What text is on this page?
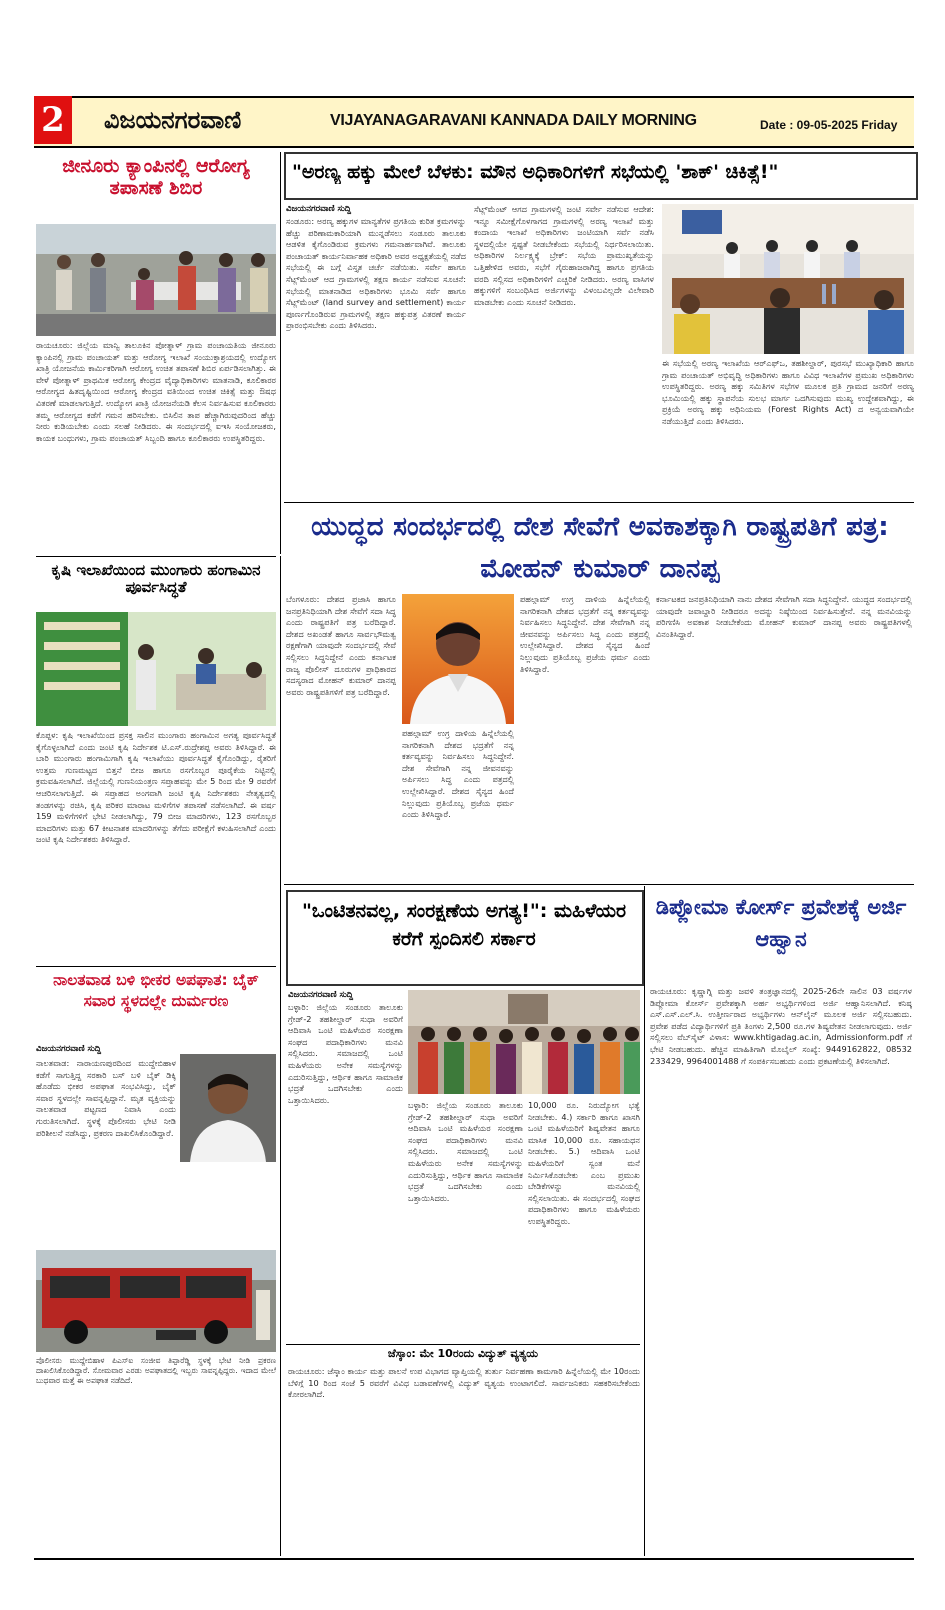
2 ವಿಜಯನಗರವಾಣಿ	VIJAYANAGARAVANI KANNADA DAILY MORNING	Date : 09-05-2025 Friday
ಜೀನೂರು ಕ್ಯಾಂಪಿನಲ್ಲಿ ಆರೋಗ್ಯ ತಪಾಸಣೆ ಶಿಬಿರ
ರಾಯಚೂರು: ಜಿಲ್ಲೆಯ ಮಾನ್ವಿ ತಾಲೂಕಿನ ಪೋತ್ನಾಳ್ ಗ್ರಾಮ ಪಂಚಾಯತಿಯ ಜೀನೂರು ಕ್ಯಾಂಪಿನಲ್ಲಿ ಗ್ರಾಮ ಪಂಚಾಯತ್ ಮತ್ತು ಆರೋಗ್ಯ ಇಲಾಖೆ ಸಂಯುಕ್ತಾಶ್ರಯದಲ್ಲಿ ಉದ್ಯೋಗ ಖಾತ್ರಿ ಯೋಜನೆಯ ಕಾರ್ಮಿಕರಿಗಾಗಿ ಆರೋಗ್ಯ ಉಚಿತ ತಪಾಸಣೆ ಶಿಬಿರ ಏರ್ಪಡಿಸಲಾಗಿತ್ತು. ಈ ವೇಳೆ ಪೋತ್ನಾಳ್ ಪ್ರಾಥಮಿಕ ಆರೋಗ್ಯ ಕೇಂದ್ರದ ವೈದ್ಯಾಧಿಕಾರಿಗಳು ಮಾತನಾಡಿ, ಕೂಲಿಕಾರರ ಆರೋಗ್ಯದ ಹಿತದೃಷ್ಟಿಯಿಂದ ಆರೋಗ್ಯ ಕೇಂದ್ರದ ವತಿಯಿಂದ ಉಚಿತ ಚಿಕಿತ್ಸೆ ಮತ್ತು ಔಷಧ ವಿತರಣೆ ಮಾಡಲಾಗುತ್ತಿದೆ. ಉದ್ಯೋಗ ಖಾತ್ರಿ ಯೋಜನೆಯಡಿ ಕೆಲಸ ನಿರ್ವಹಿಸುವ ಕೂಲಿಕಾರರು ತಮ್ಮ ಆರೋಗ್ಯದ ಕಡೆಗೆ ಗಮನ ಹರಿಸಬೇಕು. ಬಿಸಿಲಿನ ತಾಪ ಹೆಚ್ಚಾಗಿರುವುದರಿಂದ ಹೆಚ್ಚು ನೀರು ಕುಡಿಯಬೇಕು ಎಂದು ಸಲಹೆ ನೀಡಿದರು. ಈ ಸಂದರ್ಭದಲ್ಲಿ ಐಇಸಿ ಸಂಯೋಜಕರು, ಕಾಯಕ ಬಂಧುಗಳು, ಗ್ರಾಮ ಪಂಚಾಯತ್ ಸಿಬ್ಬಂದಿ ಹಾಗೂ ಕೂಲಿಕಾರರು ಉಪಸ್ಥಿತರಿದ್ದರು.
ಕೃಷಿ ಇಲಾಖೆಯಿಂದ ಮುಂಗಾರು ಹಂಗಾಮಿನ ಪೂರ್ವಸಿದ್ಧತೆ
ಕೊಪ್ಪಳ: ಕೃಷಿ ಇಲಾಖೆಯಿಂದ ಪ್ರಸಕ್ತ ಸಾಲಿನ ಮುಂಗಾರು ಹಂಗಾಮಿನ ಅಗತ್ಯ ಪೂರ್ವಸಿದ್ಧತೆ ಕೈಗೊಳ್ಳಲಾಗಿದೆ ಎಂದು ಜಂಟಿ ಕೃಷಿ ನಿರ್ದೇಶಕ ಟಿ.ಎಸ್.ರುದ್ರೇಶಪ್ಪ ಅವರು ತಿಳಿಸಿದ್ದಾರೆ. ಈ ಬಾರಿ ಮುಂಗಾರು ಹಂಗಾಮಿಗಾಗಿ ಕೃಷಿ ಇಲಾಖೆಯು ಪೂರ್ವಸಿದ್ಧತೆ ಕೈಗೊಂಡಿದ್ದು, ರೈತರಿಗೆ ಉತ್ತಮ ಗುಣಮಟ್ಟದ ಬಿತ್ತನೆ ಬೀಜ ಹಾಗೂ ರಸಗೊಬ್ಬರ ಪೂರೈಕೆಯ ನಿಟ್ಟಿನಲ್ಲಿ ಕ್ರಮವಹಿಸಲಾಗಿದೆ. ಜಿಲ್ಲೆಯಲ್ಲಿ ಗುಣನಿಯಂತ್ರಣ ಸಪ್ತಾಹವನ್ನು ಮೇ 5 ರಿಂದ ಮೇ 9 ರವರೆಗೆ ಆಚರಿಸಲಾಗುತ್ತಿದೆ. ಈ ಸಪ್ತಾಹದ ಅಂಗವಾಗಿ ಜಂಟಿ ಕೃಷಿ ನಿರ್ದೇಶಕರು ನೇತೃತ್ವದಲ್ಲಿ ತಂಡಗಳನ್ನು ರಚಿಸಿ, ಕೃಷಿ ಪರಿಕರ ಮಾರಾಟ ಮಳಿಗೆಗಳ ತಪಾಸಣೆ ನಡೆಸಲಾಗಿದೆ. ಈ ವರ್ಷ 159 ಮಳಿಗೆಗಳಿಗೆ ಭೇಟಿ ನೀಡಲಾಗಿದ್ದು, 79 ಬೀಜ ಮಾದರಿಗಳು, 123 ರಸಗೊಬ್ಬರ ಮಾದರಿಗಳು ಮತ್ತು 67 ಕೀಟನಾಶಕ ಮಾದರಿಗಳನ್ನು ತೆಗೆದು ಪರೀಕ್ಷೆಗೆ ಕಳುಹಿಸಲಾಗಿದೆ ಎಂದು ಜಂಟಿ ಕೃಷಿ ನಿರ್ದೇಶಕರು ತಿಳಿಸಿದ್ದಾರೆ.
ನಾಲತವಾಡ ಬಳಿ ಭೀಕರ ಅಪಘಾತ: ಬೈಕ್ ಸವಾರ ಸ್ಥಳದಲ್ಲೇ ದುರ್ಮರಣ
ವಿಜಯನಗರವಾಣಿ ಸುದ್ದಿ
ನಾಲತವಾಡ: ನಾರಾಯಣಪುರದಿಂದ ಮುದ್ದೇಬಿಹಾಳ ಕಡೆಗೆ ಸಾಗುತ್ತಿದ್ದ ಸರಕಾರಿ ಬಸ್ ಬಳಿ ಬೈಕ್ ಡಿಕ್ಕಿ ಹೊಡೆದು ಭೀಕರ ಅಪಘಾತ ಸಂಭವಿಸಿದ್ದು, ಬೈಕ್ ಸವಾರ ಸ್ಥಳದಲ್ಲೇ ಸಾವನ್ನಪ್ಪಿದ್ದಾನೆ. ಮೃತ ವ್ಯಕ್ತಿಯನ್ನು ನಾಲತವಾಡ ಪಟ್ಟಣದ ನಿವಾಸಿ ಎಂದು ಗುರುತಿಸಲಾಗಿದೆ. ಸ್ಥಳಕ್ಕೆ ಪೊಲೀಸರು ಭೇಟಿ ನೀಡಿ ಪರಿಶೀಲನೆ ನಡೆಸಿದ್ದು, ಪ್ರಕರಣ ದಾಖಲಿಸಿಕೊಂಡಿದ್ದಾರೆ.
ಪೊಲೀಸರು ಮುದ್ದೇಬಿಹಾಳ ಪಿಎಸ್ಐ ಸಂಜೀವ ತಿಪ್ಪಾರೆಡ್ಡಿ ಸ್ಥಳಕ್ಕೆ ಭೇಟಿ ನೀಡಿ ಪ್ರಕರಣ ದಾಖಲಿಸಿಕೊಂಡಿದ್ದಾರೆ. ಸೋಮವಾರ ಎರಡು ಅಪಘಾತದಲ್ಲಿ ಇಬ್ಬರು ಸಾವನ್ನಪ್ಪಿದ್ದರು. ಇದಾದ ಮೇಲೆ ಬುಧವಾರ ಮತ್ತೆ ಈ ಅಪಘಾತ ನಡೆದಿದೆ.
"ಅರಣ್ಯ ಹಕ್ಕು ಮೇಲೆ ಬೆಳಕು: ಮೌನ ಅಧಿಕಾರಿಗಳಿಗೆ ಸಭೆಯಲ್ಲಿ 'ಶಾಕ್' ಚಿಕಿತ್ಸೆ!"
ವಿಜಯನಗರವಾಣಿ ಸುದ್ದಿ
ಸಂಡೂರು: ಅರಣ್ಯ ಹಕ್ಕುಗಳ ಮಾನ್ಯತೆಗಳ ಪ್ರಗತಿಯ ಕುರಿತ ಕ್ರಮಗಳನ್ನು ಹೆಚ್ಚು ಪರಿಣಾಮಕಾರಿಯಾಗಿ ಮುನ್ನಡೆಸಲು ಸಂಡೂರು ತಾಲೂಕು ಆಡಳಿತ ಕೈಗೊಂಡಿರುವ ಕ್ರಮಗಳು ಗಮನಾರ್ಹವಾಗಿವೆ. ತಾಲೂಕು ಪಂಚಾಯತ್ ಕಾರ್ಯನಿರ್ವಾಹಕ ಅಧಿಕಾರಿ ಅವರ ಅಧ್ಯಕ್ಷತೆಯಲ್ಲಿ ನಡೆದ ಸಭೆಯಲ್ಲಿ ಈ ಬಗ್ಗೆ ವಿಸ್ತೃತ ಚರ್ಚೆ ನಡೆಯಿತು. ಸರ್ವೇ ಹಾಗೂ ಸೆಟ್ಲ್‌ಮೆಂಟ್ ಆದ ಗ್ರಾಮಗಳಲ್ಲಿ ತಕ್ಷಣ ಕಾರ್ಯ ನಡೆಸುವ ಸೂಚನೆ: ಸಭೆಯಲ್ಲಿ ಮಾತನಾಡಿದ ಅಧಿಕಾರಿಗಳು ಭೂಮಿ ಸರ್ವೆ ಹಾಗೂ ಸೆಟ್ಲ್‌ಮೆಂಟ್ (land survey and settlement) ಕಾರ್ಯ ಪೂರ್ಣಗೊಂಡಿರುವ ಗ್ರಾಮಗಳಲ್ಲಿ ತಕ್ಷಣ ಹಕ್ಕುಪತ್ರ ವಿತರಣೆ ಕಾರ್ಯ ಪ್ರಾರಂಭಿಸಬೇಕು ಎಂದು ತಿಳಿಸಿದರು.
ಸೆಟ್ಲ್‌ಮೆಂಟ್ ಆಗದ ಗ್ರಾಮಗಳಲ್ಲಿ ಜಂಟಿ ಸರ್ವೇ ನಡೆಸುವ ಆದೇಶ: ಇನ್ನೂ ಸಮೀಕ್ಷೆಗೊಳಗಾಗದ ಗ್ರಾಮಗಳಲ್ಲಿ ಅರಣ್ಯ ಇಲಾಖೆ ಮತ್ತು ಕಂದಾಯ ಇಲಾಖೆ ಅಧಿಕಾರಿಗಳು ಜಂಟಿಯಾಗಿ ಸರ್ವೆ ನಡೆಸಿ ಸ್ಥಳದಲ್ಲಿಯೇ ಸ್ಪಷ್ಟತೆ ನೀಡಬೇಕೆಂದು ಸಭೆಯಲ್ಲಿ ನಿರ್ಧರಿಸಲಾಯಿತು. ಅಧಿಕಾರಿಗಳ ನಿರ್ಲಕ್ಷ್ಯಕ್ಕೆ ಬ್ರೇಕ್: ಸಭೆಯ ಪ್ರಾಮುಖ್ಯತೆಯನ್ನು ಒತ್ತಿಹೇಳಿದ ಅವರು, ಸಭೆಗೆ ಗೈರುಹಾಜರಾಗಿದ್ದ ಹಾಗೂ ಪ್ರಗತಿಯ ವರದಿ ಸಲ್ಲಿಸದ ಅಧಿಕಾರಿಗಳಿಗೆ ಎಚ್ಚರಿಕೆ ನೀಡಿದರು. ಅರಣ್ಯ ವಾಸಿಗಳ ಹಕ್ಕುಗಳಿಗೆ ಸಂಬಂಧಿಸಿದ ಅರ್ಜಿಗಳನ್ನು ವಿಳಂಬವಿಲ್ಲದೇ ವಿಲೇವಾರಿ ಮಾಡಬೇಕು ಎಂದು ಸೂಚನೆ ನೀಡಿದರು.
ಈ ಸಭೆಯಲ್ಲಿ ಅರಣ್ಯ ಇಲಾಖೆಯ ಆರ್‌ಎಫ್‌ಒ, ತಹಶೀಲ್ದಾರ್, ಪುರಸಭೆ ಮುಖ್ಯಾಧಿಕಾರಿ ಹಾಗೂ ಗ್ರಾಮ ಪಂಚಾಯತ್ ಅಭಿವೃದ್ಧಿ ಅಧಿಕಾರಿಗಳು ಹಾಗೂ ವಿವಿಧ ಇಲಾಖೆಗಳ ಪ್ರಮುಖ ಅಧಿಕಾರಿಗಳು ಉಪಸ್ಥಿತರಿದ್ದರು. ಅರಣ್ಯ ಹಕ್ಕು ಸಮಿತಿಗಳ ಸಭೆಗಳ ಮೂಲಕ ಪ್ರತಿ ಗ್ರಾಮದ ಜನರಿಗೆ ಅರಣ್ಯ ಭೂಮಿಯಲ್ಲಿ ಹಕ್ಕು ಸ್ಥಾಪನೆಯ ಸುಲಭ ಮಾರ್ಗ ಒದಗಿಸುವುದು ಮುಖ್ಯ ಉದ್ದೇಶವಾಗಿದ್ದು, ಈ ಪ್ರಕ್ರಿಯೆ ಅರಣ್ಯ ಹಕ್ಕು ಅಧಿನಿಯಮ (Forest Rights Act) ದ ಅನ್ವಯವಾಗಿಯೇ ನಡೆಯುತ್ತಿದೆ ಎಂದು ತಿಳಿಸಿದರು.
ಯುದ್ಧದ ಸಂದರ್ಭದಲ್ಲಿ ದೇಶ ಸೇವೆಗೆ ಅವಕಾಶಕ್ಕಾಗಿ ರಾಷ್ಟ್ರಪತಿಗೆ ಪತ್ರ: ಮೋಹನ್ ಕುಮಾರ್ ದಾನಪ್ಪ
ಬೆಂಗಳೂರು: ದೇಶದ ಪ್ರಜಾಸಿ ಹಾಗೂ ಜನಪ್ರತಿನಿಧಿಯಾಗಿ ದೇಶ ಸೇವೆಗೆ ಸದಾ ಸಿದ್ಧ ಎಂದು ರಾಷ್ಟ್ರಪತಿಗೆ ಪತ್ರ ಬರೆದಿದ್ದಾರೆ. ದೇಶದ ಅಖಂಡತೆ ಹಾಗೂ ಸಾರ್ವಭೌಮತ್ವ ರಕ್ಷಣೆಗಾಗಿ ಯಾವುದೇ ಸಂದರ್ಭದಲ್ಲಿ ಸೇವೆ ಸಲ್ಲಿಸಲು ಸಿದ್ಧನಿದ್ದೇನೆ ಎಂದು ಕರ್ನಾಟಕ ರಾಜ್ಯ ಪೊಲೀಸ್ ದೂರುಗಳ ಪ್ರಾಧಿಕಾರದ ಸದಸ್ಯರಾದ ಮೋಹನ್ ಕುಮಾರ್ ದಾನಪ್ಪ ಅವರು ರಾಷ್ಟ್ರಪತಿಗಳಿಗೆ ಪತ್ರ ಬರೆದಿದ್ದಾರೆ.
ಪಹಲ್ಗಾಮ್ ಉಗ್ರ ದಾಳಿಯ ಹಿನ್ನೆಲೆಯಲ್ಲಿ ನಾಗರಿಕನಾಗಿ ದೇಶದ ಭದ್ರತೆಗೆ ನನ್ನ ಕರ್ತವ್ಯವನ್ನು ನಿರ್ವಹಿಸಲು ಸಿದ್ಧನಿದ್ದೇನೆ. ದೇಶ ಸೇವೆಗಾಗಿ ನನ್ನ ಜೀವನವನ್ನು ಅರ್ಪಿಸಲು ಸಿದ್ಧ ಎಂದು ಪತ್ರದಲ್ಲಿ ಉಲ್ಲೇಖಿಸಿದ್ದಾರೆ. ದೇಶದ ಸೈನ್ಯದ ಹಿಂದೆ ನಿಲ್ಲುವುದು ಪ್ರತಿಯೊಬ್ಬ ಪ್ರಜೆಯ ಧರ್ಮ ಎಂದು ತಿಳಿಸಿದ್ದಾರೆ.
ಪಹಲ್ಗಾಮ್ ಉಗ್ರ ದಾಳಿಯ ಹಿನ್ನೆಲೆಯಲ್ಲಿ ನಾಗರಿಕನಾಗಿ ದೇಶದ ಭದ್ರತೆಗೆ ನನ್ನ ಕರ್ತವ್ಯವನ್ನು ನಿರ್ವಹಿಸಲು ಸಿದ್ಧನಿದ್ದೇನೆ. ದೇಶ ಸೇವೆಗಾಗಿ ನನ್ನ ಜೀವನವನ್ನು ಅರ್ಪಿಸಲು ಸಿದ್ಧ ಎಂದು ಪತ್ರದಲ್ಲಿ ಉಲ್ಲೇಖಿಸಿದ್ದಾರೆ. ದೇಶದ ಸೈನ್ಯದ ಹಿಂದೆ ನಿಲ್ಲುವುದು ಪ್ರತಿಯೊಬ್ಬ ಪ್ರಜೆಯ ಧರ್ಮ ಎಂದು ತಿಳಿಸಿದ್ದಾರೆ.
ಕರ್ನಾಟಕದ ಜನಪ್ರತಿನಿಧಿಯಾಗಿ ನಾನು ದೇಶದ ಸೇವೆಗಾಗಿ ಸದಾ ಸಿದ್ಧನಿದ್ದೇನೆ. ಯುದ್ಧದ ಸಂದರ್ಭದಲ್ಲಿ ಯಾವುದೇ ಜವಾಬ್ದಾರಿ ನೀಡಿದರೂ ಅದನ್ನು ನಿಷ್ಠೆಯಿಂದ ನಿರ್ವಹಿಸುತ್ತೇನೆ. ನನ್ನ ಮನವಿಯನ್ನು ಪರಿಗಣಿಸಿ ಅವಕಾಶ ನೀಡಬೇಕೆಂದು ಮೋಹನ್ ಕುಮಾರ್ ದಾನಪ್ಪ ಅವರು ರಾಷ್ಟ್ರಪತಿಗಳಲ್ಲಿ ವಿನಂತಿಸಿದ್ದಾರೆ.
"ಒಂಟಿತನವಲ್ಲ, ಸಂರಕ್ಷಣೆಯ ಅಗತ್ಯ!": ಮಹಿಳೆಯರ ಕರೆಗೆ ಸ್ಪಂದಿಸಲಿ ಸರ್ಕಾರ
ವಿಜಯನಗರವಾಣಿ ಸುದ್ದಿ
ಬಳ್ಳಾರಿ: ಜಿಲ್ಲೆಯ ಸಂಡೂರು ತಾಲೂಕು ಗ್ರೇಡ್-2 ತಹಶೀಲ್ದಾರ್ ಸುಧಾ ಅವರಿಗೆ ಆದಿವಾಸಿ ಒಂಟಿ ಮಹಿಳೆಯರ ಸಂರಕ್ಷಣಾ ಸಂಘದ ಪದಾಧಿಕಾರಿಗಳು ಮನವಿ ಸಲ್ಲಿಸಿದರು. ಸಮಾಜದಲ್ಲಿ ಒಂಟಿ ಮಹಿಳೆಯರು ಅನೇಕ ಸಮಸ್ಯೆಗಳನ್ನು ಎದುರಿಸುತ್ತಿದ್ದು, ಆರ್ಥಿಕ ಹಾಗೂ ಸಾಮಾಜಿಕ ಭದ್ರತೆ ಒದಗಿಸಬೇಕು ಎಂದು ಒತ್ತಾಯಿಸಿದರು.
ಬಳ್ಳಾರಿ: ಜಿಲ್ಲೆಯ ಸಂಡೂರು ತಾಲೂಕು ಗ್ರೇಡ್-2 ತಹಶೀಲ್ದಾರ್ ಸುಧಾ ಅವರಿಗೆ ಆದಿವಾಸಿ ಒಂಟಿ ಮಹಿಳೆಯರ ಸಂರಕ್ಷಣಾ ಸಂಘದ ಪದಾಧಿಕಾರಿಗಳು ಮನವಿ ಸಲ್ಲಿಸಿದರು. ಸಮಾಜದಲ್ಲಿ ಒಂಟಿ ಮಹಿಳೆಯರು ಅನೇಕ ಸಮಸ್ಯೆಗಳನ್ನು ಎದುರಿಸುತ್ತಿದ್ದು, ಆರ್ಥಿಕ ಹಾಗೂ ಸಾಮಾಜಿಕ ಭದ್ರತೆ ಒದಗಿಸಬೇಕು ಎಂದು ಒತ್ತಾಯಿಸಿದರು.
10,000 ರೂ. ನಿರುದ್ಯೋಗ ಭತ್ಯೆ ನೀಡಬೇಕು. 4.) ಸರ್ಕಾರಿ ಹಾಗೂ ಖಾಸಗಿ ಒಂಟಿ ಮಹಿಳೆಯರಿಗೆ ಶಿಷ್ಯವೇತನ ಹಾಗೂ ಮಾಸಿಕ 10,000 ರೂ. ಸಹಾಯಧನ ನೀಡಬೇಕು. 5.) ಆದಿವಾಸಿ ಒಂಟಿ ಮಹಿಳೆಯರಿಗೆ ಸ್ವಂತ ಮನೆ ನಿರ್ಮಿಸಿಕೊಡಬೇಕು ಎಂಬ ಪ್ರಮುಖ ಬೇಡಿಕೆಗಳನ್ನು ಮನವಿಯಲ್ಲಿ ಸಲ್ಲಿಸಲಾಯಿತು. ಈ ಸಂದರ್ಭದಲ್ಲಿ ಸಂಘದ ಪದಾಧಿಕಾರಿಗಳು ಹಾಗೂ ಮಹಿಳೆಯರು ಉಪಸ್ಥಿತರಿದ್ದರು.
ಜೆಸ್ಕಾಂ: ಮೇ 10ರಂದು ವಿದ್ಯುತ್ ವ್ಯತ್ಯಯ
ರಾಯಚೂರು: ಜೆಸ್ಕಾಂ ಕಾರ್ಯ ಮತ್ತು ಪಾಲನೆ ಉಪ ವಿಭಾಗದ ವ್ಯಾಪ್ತಿಯಲ್ಲಿ ತುರ್ತು ನಿರ್ವಹಣಾ ಕಾಮಗಾರಿ ಹಿನ್ನೆಲೆಯಲ್ಲಿ ಮೇ 10ರಂದು ಬೆಳಿಗ್ಗೆ 10 ರಿಂದ ಸಂಜೆ 5 ರವರೆಗೆ ವಿವಿಧ ಬಡಾವಣೆಗಳಲ್ಲಿ ವಿದ್ಯುತ್ ವ್ಯತ್ಯಯ ಉಂಟಾಗಲಿದೆ. ಸಾರ್ವಜನಿಕರು ಸಹಕರಿಸಬೇಕೆಂದು ಕೋರಲಾಗಿದೆ.
ಡಿಪ್ಲೋಮಾ ಕೋರ್ಸ್ ಪ್ರವೇಶಕ್ಕೆ ಅರ್ಜಿ ಆಹ್ವಾನ
ರಾಯಚೂರು: ಕೃಷ್ಣಾಗ್ನಿ ಮತ್ತು ಜವಳಿ ತಂತ್ರಜ್ಞಾನದಲ್ಲಿ 2025-26ನೇ ಸಾಲಿನ 03 ವರ್ಷಗಳ ಡಿಪ್ಲೋಮಾ ಕೋರ್ಸ್ ಪ್ರವೇಶಕ್ಕಾಗಿ ಅರ್ಹ ಅಭ್ಯರ್ಥಿಗಳಿಂದ ಅರ್ಜಿ ಆಹ್ವಾನಿಸಲಾಗಿದೆ. ಕನಿಷ್ಠ ಎಸ್.ಎಸ್.ಎಲ್.ಸಿ. ಉತ್ತೀರ್ಣರಾದ ಅಭ್ಯರ್ಥಿಗಳು ಆನ್‌ಲೈನ್ ಮೂಲಕ ಅರ್ಜಿ ಸಲ್ಲಿಸಬಹುದು. ಪ್ರವೇಶ ಪಡೆದ ವಿದ್ಯಾರ್ಥಿಗಳಿಗೆ ಪ್ರತಿ ತಿಂಗಳು 2,500 ರೂ.ಗಳ ಶಿಷ್ಯವೇತನ ನೀಡಲಾಗುವುದು. ಅರ್ಜಿ ಸಲ್ಲಿಸಲು ವೆಬ್‌ಸೈಟ್ ವಿಳಾಸ: www.khtigadag.ac.in, Admissionform.pdf ಗೆ ಭೇಟಿ ನೀಡಬಹುದು. ಹೆಚ್ಚಿನ ಮಾಹಿತಿಗಾಗಿ ಮೊಬೈಲ್ ಸಂಖ್ಯೆ: 9449162822, 08532 233429, 9964001488 ಗೆ ಸಂಪರ್ಕಿಸಬಹುದು ಎಂದು ಪ್ರಕಟಣೆಯಲ್ಲಿ ತಿಳಿಸಲಾಗಿದೆ.
